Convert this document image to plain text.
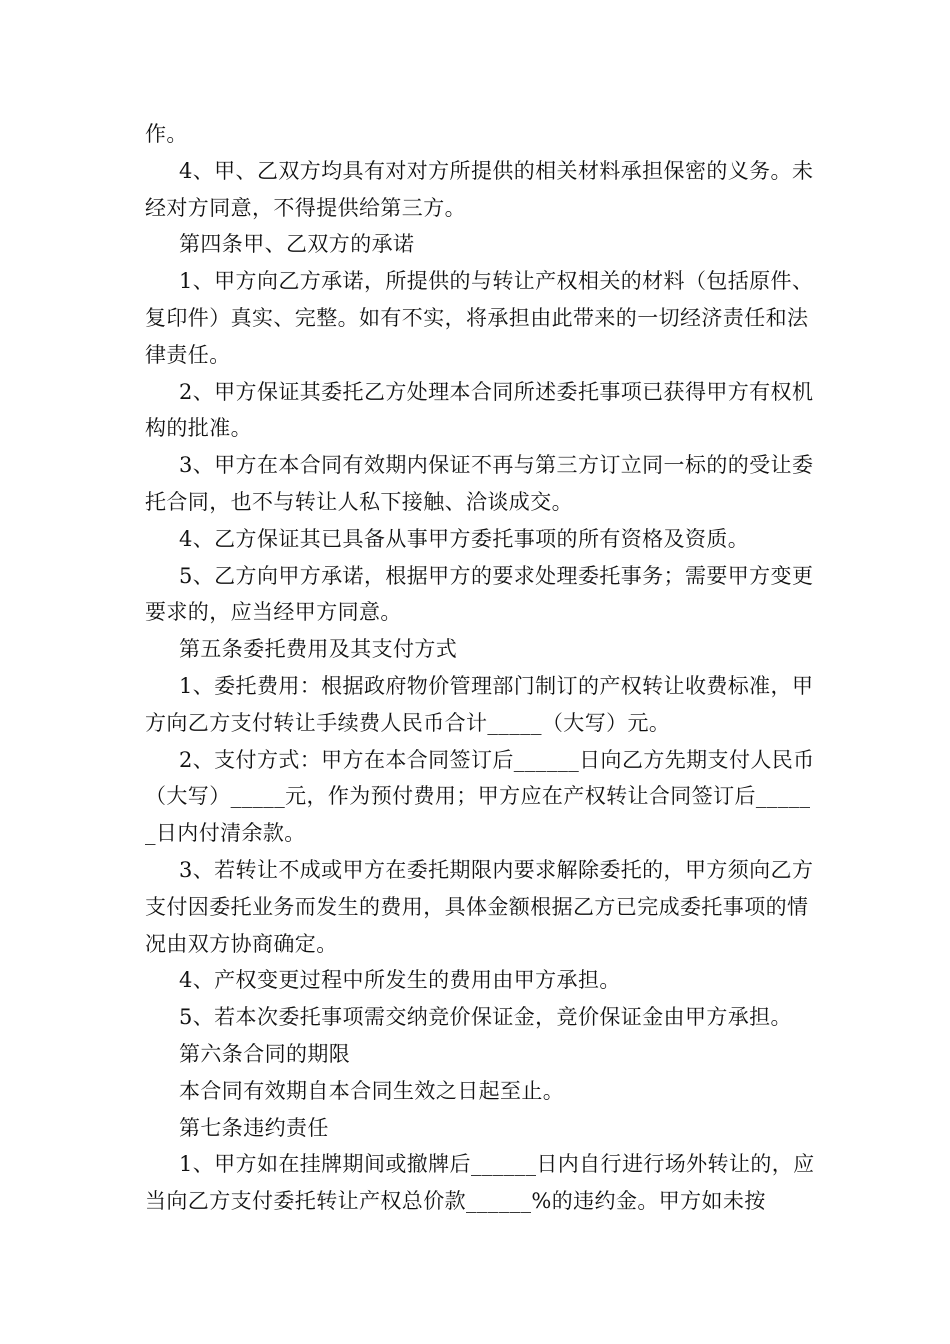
作。

4、甲、乙双方均具有对对方所提供的相关材料承担保密的义务。未经对方同意，不得提供给第三方。

第四条甲、乙双方的承诺

1、甲方向乙方承诺，所提供的与转让产权相关的材料（包括原件、复印件）真实、完整。如有不实，将承担由此带来的一切经济责任和法律责任。

2、甲方保证其委托乙方处理本合同所述委托事项已获得甲方有权机构的批准。

3、甲方在本合同有效期内保证不再与第三方订立同一标的的受让委托合同，也不与转让人私下接触、洽谈成交。

4、乙方保证其已具备从事甲方委托事项的所有资格及资质。

5、乙方向甲方承诺，根据甲方的要求处理委托事务；需要甲方变更要求的，应当经甲方同意。

第五条委托费用及其支付方式

1、委托费用：根据政府物价管理部门制订的产权转让收费标准，甲方向乙方支付转让手续费人民币合计_____（大写）元。

2、支付方式：甲方在本合同签订后______日向乙方先期支付人民币（大写）_____元，作为预付费用；甲方应在产权转让合同签订后______日内付清余款。

3、若转让不成或甲方在委托期限内要求解除委托的，甲方须向乙方支付因委托业务而发生的费用，具体金额根据乙方已完成委托事项的情况由双方协商确定。

4、产权变更过程中所发生的费用由甲方承担。

5、若本次委托事项需交纳竞价保证金，竞价保证金由甲方承担。

第六条合同的期限

本合同有效期自本合同生效之日起至止。

第七条违约责任

1、甲方如在挂牌期间或撤牌后______日内自行进行场外转让的，应当向乙方支付委托转让产权总价款______%的违约金。甲方如未按
